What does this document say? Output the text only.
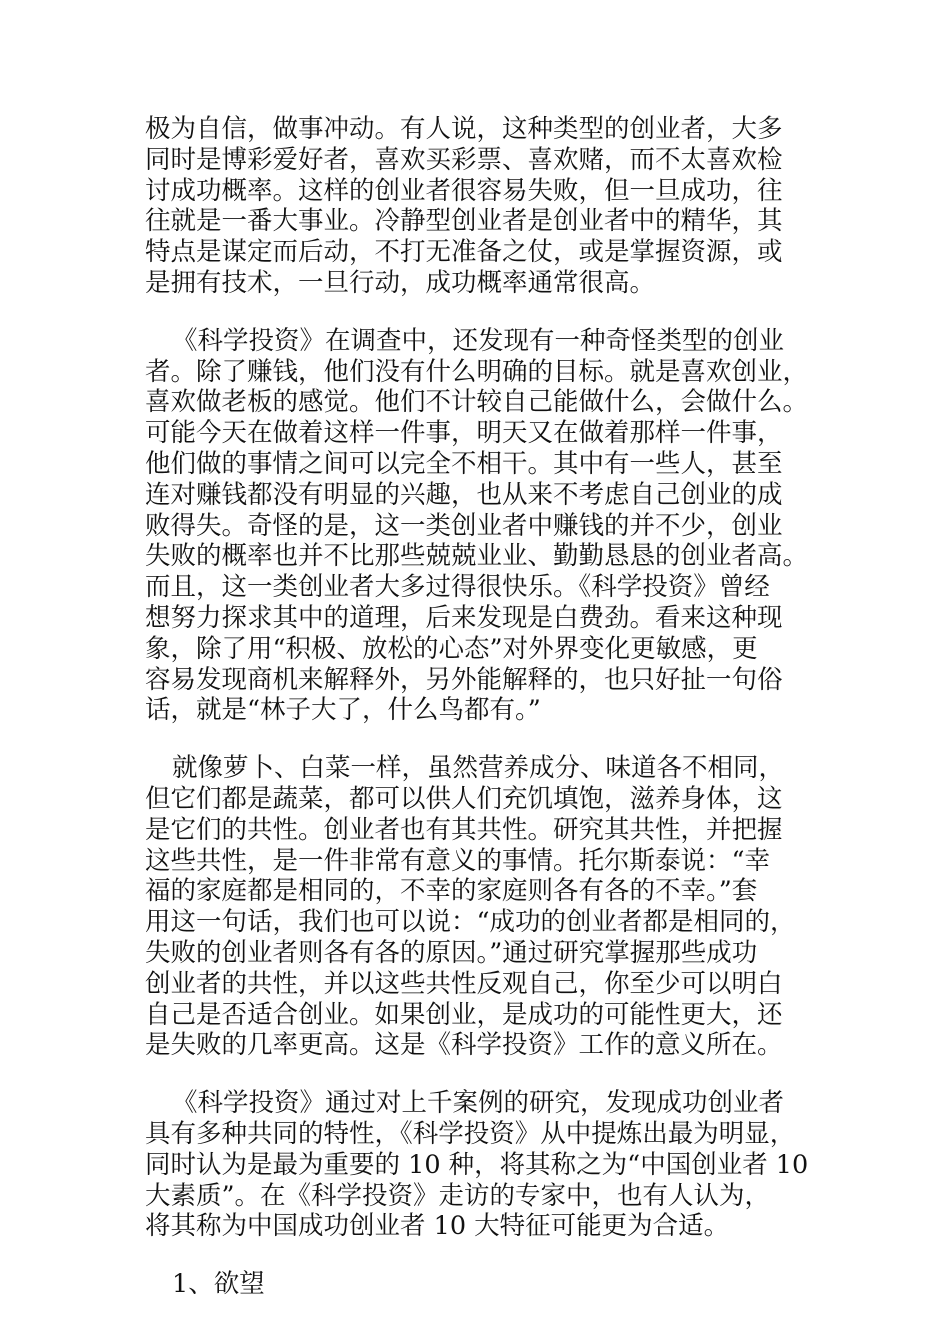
极为自信，做事冲动。有人说，这种类型的创业者，大多
同时是博彩爱好者，喜欢买彩票、喜欢赌，而不太喜欢检
讨成功概率。这样的创业者很容易失败，但一旦成功，往
往就是一番大事业。冷静型创业者是创业者中的精华，其
特点是谋定而后动，不打无准备之仗，或是掌握资源，或
是拥有技术，一旦行动，成功概率通常很高。
《科学投资》在调查中，还发现有一种奇怪类型的创业
者。除了赚钱，他们没有什么明确的目标。就是喜欢创业，
喜欢做老板的感觉。他们不计较自己能做什么，会做什么。
可能今天在做着这样一件事，明天又在做着那样一件事，
他们做的事情之间可以完全不相干。其中有一些人，甚至
连对赚钱都没有明显的兴趣，也从来不考虑自己创业的成
败得失。奇怪的是，这一类创业者中赚钱的并不少，创业
失败的概率也并不比那些兢兢业业、勤勤恳恳的创业者高。
而且，这一类创业者大多过得很快乐。《科学投资》曾经
想努力探求其中的道理，后来发现是白费劲。看来这种现
象，除了用“积极、放松的心态”对外界变化更敏感，更
容易发现商机来解释外，另外能解释的，也只好扯一句俗
话，就是“林子大了，什么鸟都有。”
就像萝卜、白菜一样，虽然营养成分、味道各不相同，
但它们都是蔬菜，都可以供人们充饥填饱，滋养身体，这
是它们的共性。创业者也有其共性。研究其共性，并把握
这些共性，是一件非常有意义的事情。托尔斯泰说：“幸
福的家庭都是相同的，不幸的家庭则各有各的不幸。”套
用这一句话，我们也可以说：“成功的创业者都是相同的，
失败的创业者则各有各的原因。”通过研究掌握那些成功
创业者的共性，并以这些共性反观自己，你至少可以明白
自己是否适合创业。如果创业，是成功的可能性更大，还
是失败的几率更高。这是《科学投资》工作的意义所在。
《科学投资》通过对上千案例的研究，发现成功创业者
具有多种共同的特性，《科学投资》从中提炼出最为明显，
同时认为是最为重要的 10 种，将其称之为“中国创业者 10
大素质”。在《科学投资》走访的专家中，也有人认为，
将其称为中国成功创业者 10 大特征可能更为合适。
1、欲望
